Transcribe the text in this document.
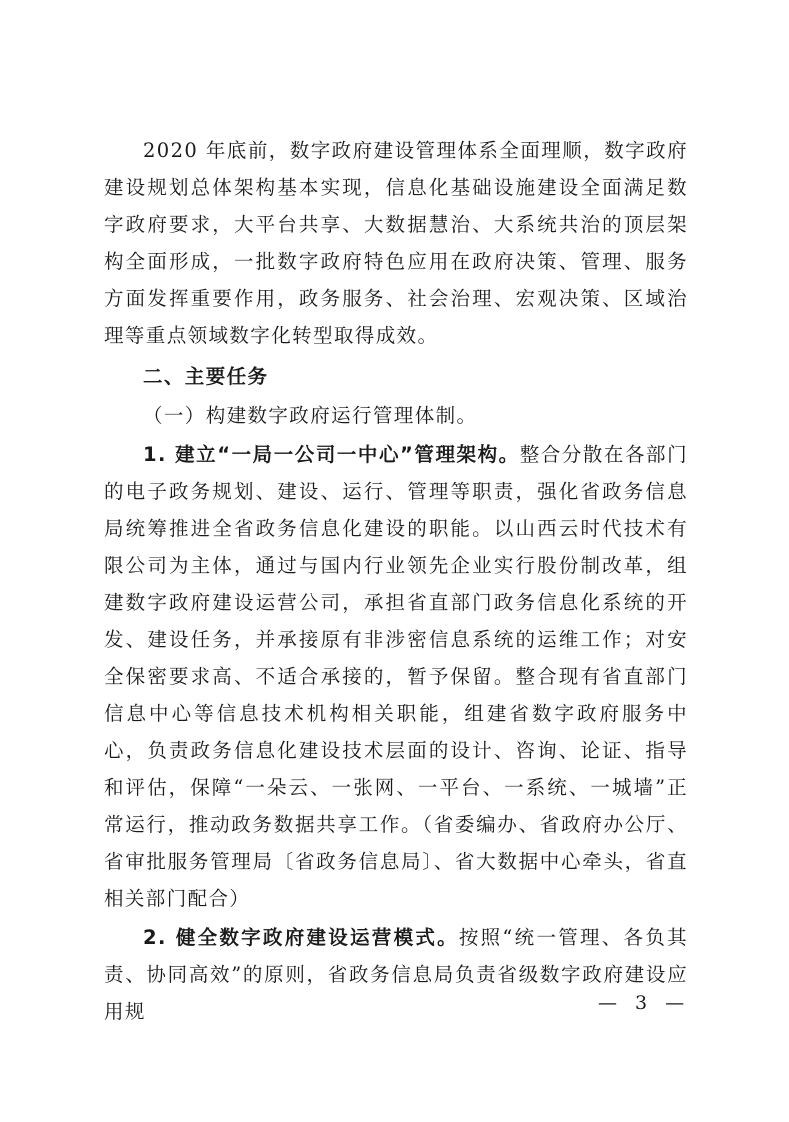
2020 年底前，数字政府建设管理体系全面理顺，数字政府建设规划总体架构基本实现，信息化基础设施建设全面满足数字政府要求，大平台共享、大数据慧治、大系统共治的顶层架构全面形成，一批数字政府特色应用在政府决策、管理、服务方面发挥重要作用，政务服务、社会治理、宏观决策、区域治理等重点领域数字化转型取得成效。

二、主要任务

（一）构建数字政府运行管理体制。

1. 建立“一局一公司一中心”管理架构。整合分散在各部门的电子政务规划、建设、运行、管理等职责，强化省政务信息局统筹推进全省政务信息化建设的职能。以山西云时代技术有限公司为主体，通过与国内行业领先企业实行股份制改革，组建数字政府建设运营公司，承担省直部门政务信息化系统的开发、建设任务，并承接原有非涉密信息系统的运维工作；对安全保密要求高、不适合承接的，暂予保留。整合现有省直部门信息中心等信息技术机构相关职能，组建省数字政府服务中心，负责政务信息化建设技术层面的设计、咨询、论证、指导和评估，保障“一朵云、一张网、一平台、一系统、一城墙”正常运行，推动政务数据共享工作。（省委编办、省政府办公厅、省审批服务管理局〔省政务信息局〕、省大数据中心牵头，省直相关部门配合）

2. 健全数字政府建设运营模式。按照“统一管理、各负其责、协同高效”的原则，省政务信息局负责省级数字政府建设应用规	— 3 —
